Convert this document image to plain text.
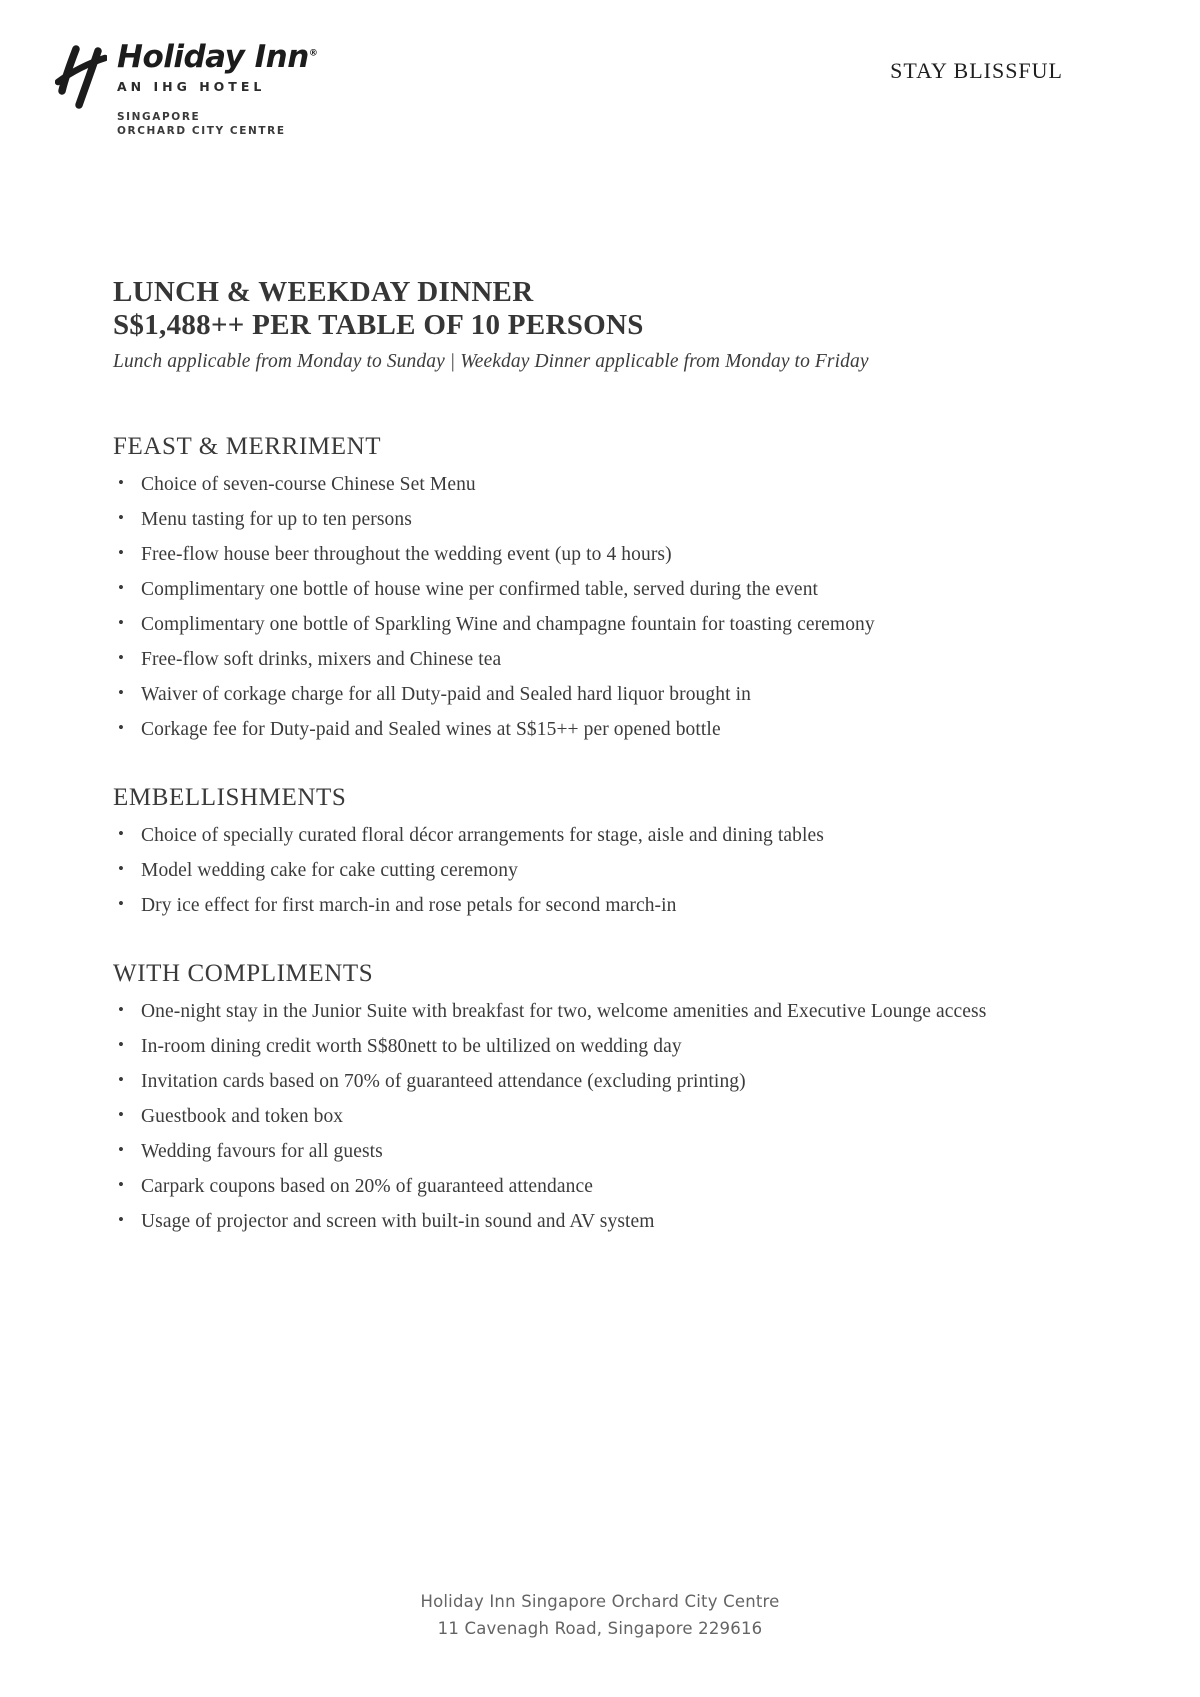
Holiday Inn®
AN IHG HOTEL
SINGAPORE
ORCHARD CITY CENTRE
STAY BLISSFUL
LUNCH & WEEKDAY DINNER
S$1,488++ PER TABLE OF 10 PERSONS
Lunch applicable from Monday to Sunday | Weekday Dinner applicable from Monday to Friday
FEAST & MERRIMENT
• Choice of seven-course Chinese Set Menu
• Menu tasting for up to ten persons
• Free-flow house beer throughout the wedding event (up to 4 hours)
• Complimentary one bottle of house wine per confirmed table, served during the event
• Complimentary one bottle of Sparkling Wine and champagne fountain for toasting ceremony
• Free-flow soft drinks, mixers and Chinese tea
• Waiver of corkage charge for all Duty-paid and Sealed hard liquor brought in
• Corkage fee for Duty-paid and Sealed wines at S$15++ per opened bottle
EMBELLISHMENTS
• Choice of specially curated floral décor arrangements for stage, aisle and dining tables
• Model wedding cake for cake cutting ceremony
• Dry ice effect for first march-in and rose petals for second march-in
WITH COMPLIMENTS
• One-night stay in the Junior Suite with breakfast for two, welcome amenities and Executive Lounge access
• In-room dining credit worth S$80nett to be ultilized on wedding day
• Invitation cards based on 70% of guaranteed attendance (excluding printing)
• Guestbook and token box
• Wedding favours for all guests
• Carpark coupons based on 20% of guaranteed attendance
• Usage of projector and screen with built-in sound and AV system
Holiday Inn Singapore Orchard City Centre
11 Cavenagh Road, Singapore 229616
